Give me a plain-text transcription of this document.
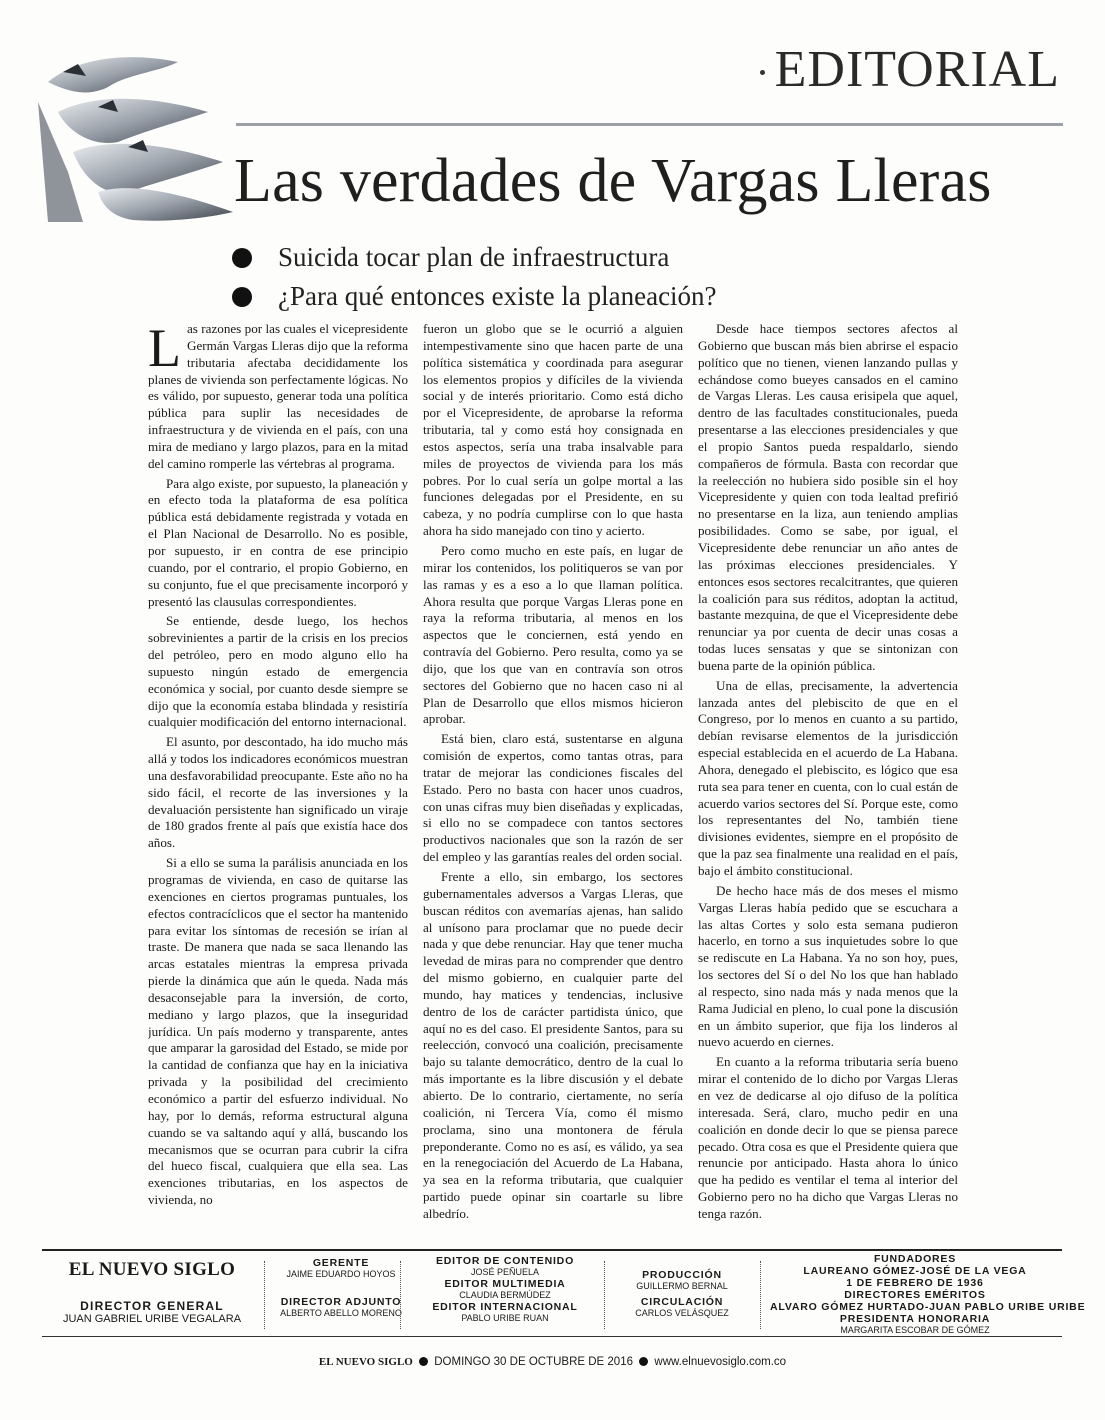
EDITORIAL
Las verdades de Vargas Lleras
Suicida tocar plan de infraestructura
¿Para qué entonces existe la planeación?

Las razones por las cuales el vicepresidente Germán Vargas Lleras dijo que la reforma tributaria afectaba decididamente los planes de vivienda son perfectamente lógicas. No es válido, por supuesto, generar toda una política pública para suplir las necesidades de infraestructura y de vivienda en el país, con una mira de mediano y largo plazos, para en la mitad del camino romperle las vértebras al programa.

Para algo existe, por supuesto, la planeación y en efecto toda la plataforma de esa política pública está debidamente registrada y votada en el Plan Nacional de Desarrollo. No es posible, por supuesto, ir en contra de ese principio cuando, por el contrario, el propio Gobierno, en su conjunto, fue el que precisamente incorporó y presentó las clausulas correspondientes.

Se entiende, desde luego, los hechos sobrevinientes a partir de la crisis en los precios del petróleo, pero en modo alguno ello ha supuesto ningún estado de emergencia económica y social, por cuanto desde siempre se dijo que la economía estaba blindada y resistiría cualquier modificación del entorno internacional.

El asunto, por descontado, ha ido mucho más allá y todos los indicadores económicos muestran una desfavorabilidad preocupante. Este año no ha sido fácil, el recorte de las inversiones y la devaluación persistente han significado un viraje de 180 grados frente al país que existía hace dos años.

Si a ello se suma la parálisis anunciada en los programas de vivienda, en caso de quitarse las exenciones en ciertos programas puntuales, los efectos contracíclicos que el sector ha mantenido para evitar los síntomas de recesión se irían al traste. De manera que nada se saca llenando las arcas estatales mientras la empresa privada pierde la dinámica que aún le queda. Nada más desaconsejable para la inversión, de corto, mediano y largo plazos, que la inseguridad jurídica. Un país moderno y transparente, antes que amparar la garosidad del Estado, se mide por la cantidad de confianza que hay en la iniciativa privada y la posibilidad del crecimiento económico a partir del esfuerzo individual. No hay, por lo demás, reforma estructural alguna cuando se va saltando aquí y allá, buscando los mecanismos que se ocurran para cubrir la cifra del hueco fiscal, cualquiera que ella sea. Las exenciones tributarias, en los aspectos de vivienda, no

fueron un globo que se le ocurrió a alguien intempestivamente sino que hacen parte de una política sistemática y coordinada para asegurar los elementos propios y difíciles de la vivienda social y de interés prioritario. Como está dicho por el Vicepresidente, de aprobarse la reforma tributaria, tal y como está hoy consignada en estos aspectos, sería una traba insalvable para miles de proyectos de vivienda para los más pobres. Por lo cual sería un golpe mortal a las funciones delegadas por el Presidente, en su cabeza, y no podría cumplirse con lo que hasta ahora ha sido manejado con tino y acierto.

Pero como mucho en este país, en lugar de mirar los contenidos, los politiqueros se van por las ramas y es a eso a lo que llaman política. Ahora resulta que porque Vargas Lleras pone en raya la reforma tributaria, al menos en los aspectos que le conciernen, está yendo en contravía del Gobierno. Pero resulta, como ya se dijo, que los que van en contravía son otros sectores del Gobierno que no hacen caso ni al Plan de Desarrollo que ellos mismos hicieron aprobar.

Está bien, claro está, sustentarse en alguna comisión de expertos, como tantas otras, para tratar de mejorar las condiciones fiscales del Estado. Pero no basta con hacer unos cuadros, con unas cifras muy bien diseñadas y explicadas, si ello no se compadece con tantos sectores productivos nacionales que son la razón de ser del empleo y las garantías reales del orden social.

Frente a ello, sin embargo, los sectores gubernamentales adversos a Vargas Lleras, que buscan réditos con avemarías ajenas, han salido al unísono para proclamar que no puede decir nada y que debe renunciar. Hay que tener mucha levedad de miras para no comprender que dentro del mismo gobierno, en cualquier parte del mundo, hay matices y tendencias, inclusive dentro de los de carácter partidista único, que aquí no es del caso. El presidente Santos, para su reelección, convocó una coalición, precisamente bajo su talante democrático, dentro de la cual lo más importante es la libre discusión y el debate abierto. De lo contrario, ciertamente, no sería coalición, ni Tercera Vía, como él mismo proclama, sino una montonera de férula preponderante. Como no es así, es válido, ya sea en la renegociación del Acuerdo de La Habana, ya sea en la reforma tributaria, que cualquier partido puede opinar sin coartarle su libre albedrío.

Desde hace tiempos sectores afectos al Gobierno que buscan más bien abrirse el espacio político que no tienen, vienen lanzando pullas y echándose como bueyes cansados en el camino de Vargas Lleras. Les causa erisipela que aquel, dentro de las facultades constitucionales, pueda presentarse a las elecciones presidenciales y que el propio Santos pueda respaldarlo, siendo compañeros de fórmula. Basta con recordar que la reelección no hubiera sido posible sin el hoy Vicepresidente y quien con toda lealtad prefirió no presentarse en la liza, aun teniendo amplias posibilidades. Como se sabe, por igual, el Vicepresidente debe renunciar un año antes de las próximas elecciones presidenciales. Y entonces esos sectores recalcitrantes, que quieren la coalición para sus réditos, adoptan la actitud, bastante mezquina, de que el Vicepresidente debe renunciar ya por cuenta de decir unas cosas a todas luces sensatas y que se sintonizan con buena parte de la opinión pública.

Una de ellas, precisamente, la advertencia lanzada antes del plebiscito de que en el Congreso, por lo menos en cuanto a su partido, debían revisarse elementos de la jurisdicción especial establecida en el acuerdo de La Habana. Ahora, denegado el plebiscito, es lógico que esa ruta sea para tener en cuenta, con lo cual están de acuerdo varios sectores del Sí. Porque este, como los representantes del No, también tiene divisiones evidentes, siempre en el propósito de que la paz sea finalmente una realidad en el país, bajo el ámbito constitucional.

De hecho hace más de dos meses el mismo Vargas Lleras había pedido que se escuchara a las altas Cortes y solo esta semana pudieron hacerlo, en torno a sus inquietudes sobre lo que se rediscute en La Habana. Ya no son hoy, pues, los sectores del Sí o del No los que han hablado al respecto, sino nada más y nada menos que la Rama Judicial en pleno, lo cual pone la discusión en un ámbito superior, que fija los linderos al nuevo acuerdo en ciernes.

En cuanto a la reforma tributaria sería bueno mirar el contenido de lo dicho por Vargas Lleras en vez de dedicarse al ojo difuso de la política interesada. Será, claro, mucho pedir en una coalición en donde decir lo que se piensa parece pecado. Otra cosa es que el Presidente quiera que renuncie por anticipado. Hasta ahora lo único que ha pedido es ventilar el tema al interior del Gobierno pero no ha dicho que Vargas Lleras no tenga razón.

EL NUEVO SIGLO
DIRECTOR GENERAL
JUAN GABRIEL URIBE VEGALARA
GERENTE
JAIME EDUARDO HOYOS
DIRECTOR ADJUNTO
ALBERTO ABELLO MORENO
EDITOR DE CONTENIDO
JOSÉ PEÑUELA
EDITOR MULTIMEDIA
CLAUDIA BERMÚDEZ
EDITOR INTERNACIONAL
PABLO URIBE RUAN
PRODUCCIÓN
GUILLERMO BERNAL
CIRCULACIÓN
CARLOS VELÁSQUEZ
FUNDADORES
LAUREANO GÓMEZ-JOSÉ DE LA VEGA
1 DE FEBRERO DE 1936
DIRECTORES EMÉRITOS
ALVARO GÓMEZ HURTADO-JUAN PABLO URIBE URIBE
PRESIDENTA HONORARIA
MARGARITA ESCOBAR DE GÓMEZ
EL NUEVO SIGLO DOMINGO 30 DE OCTUBRE DE 2016 www.elnuevosiglo.com.co
